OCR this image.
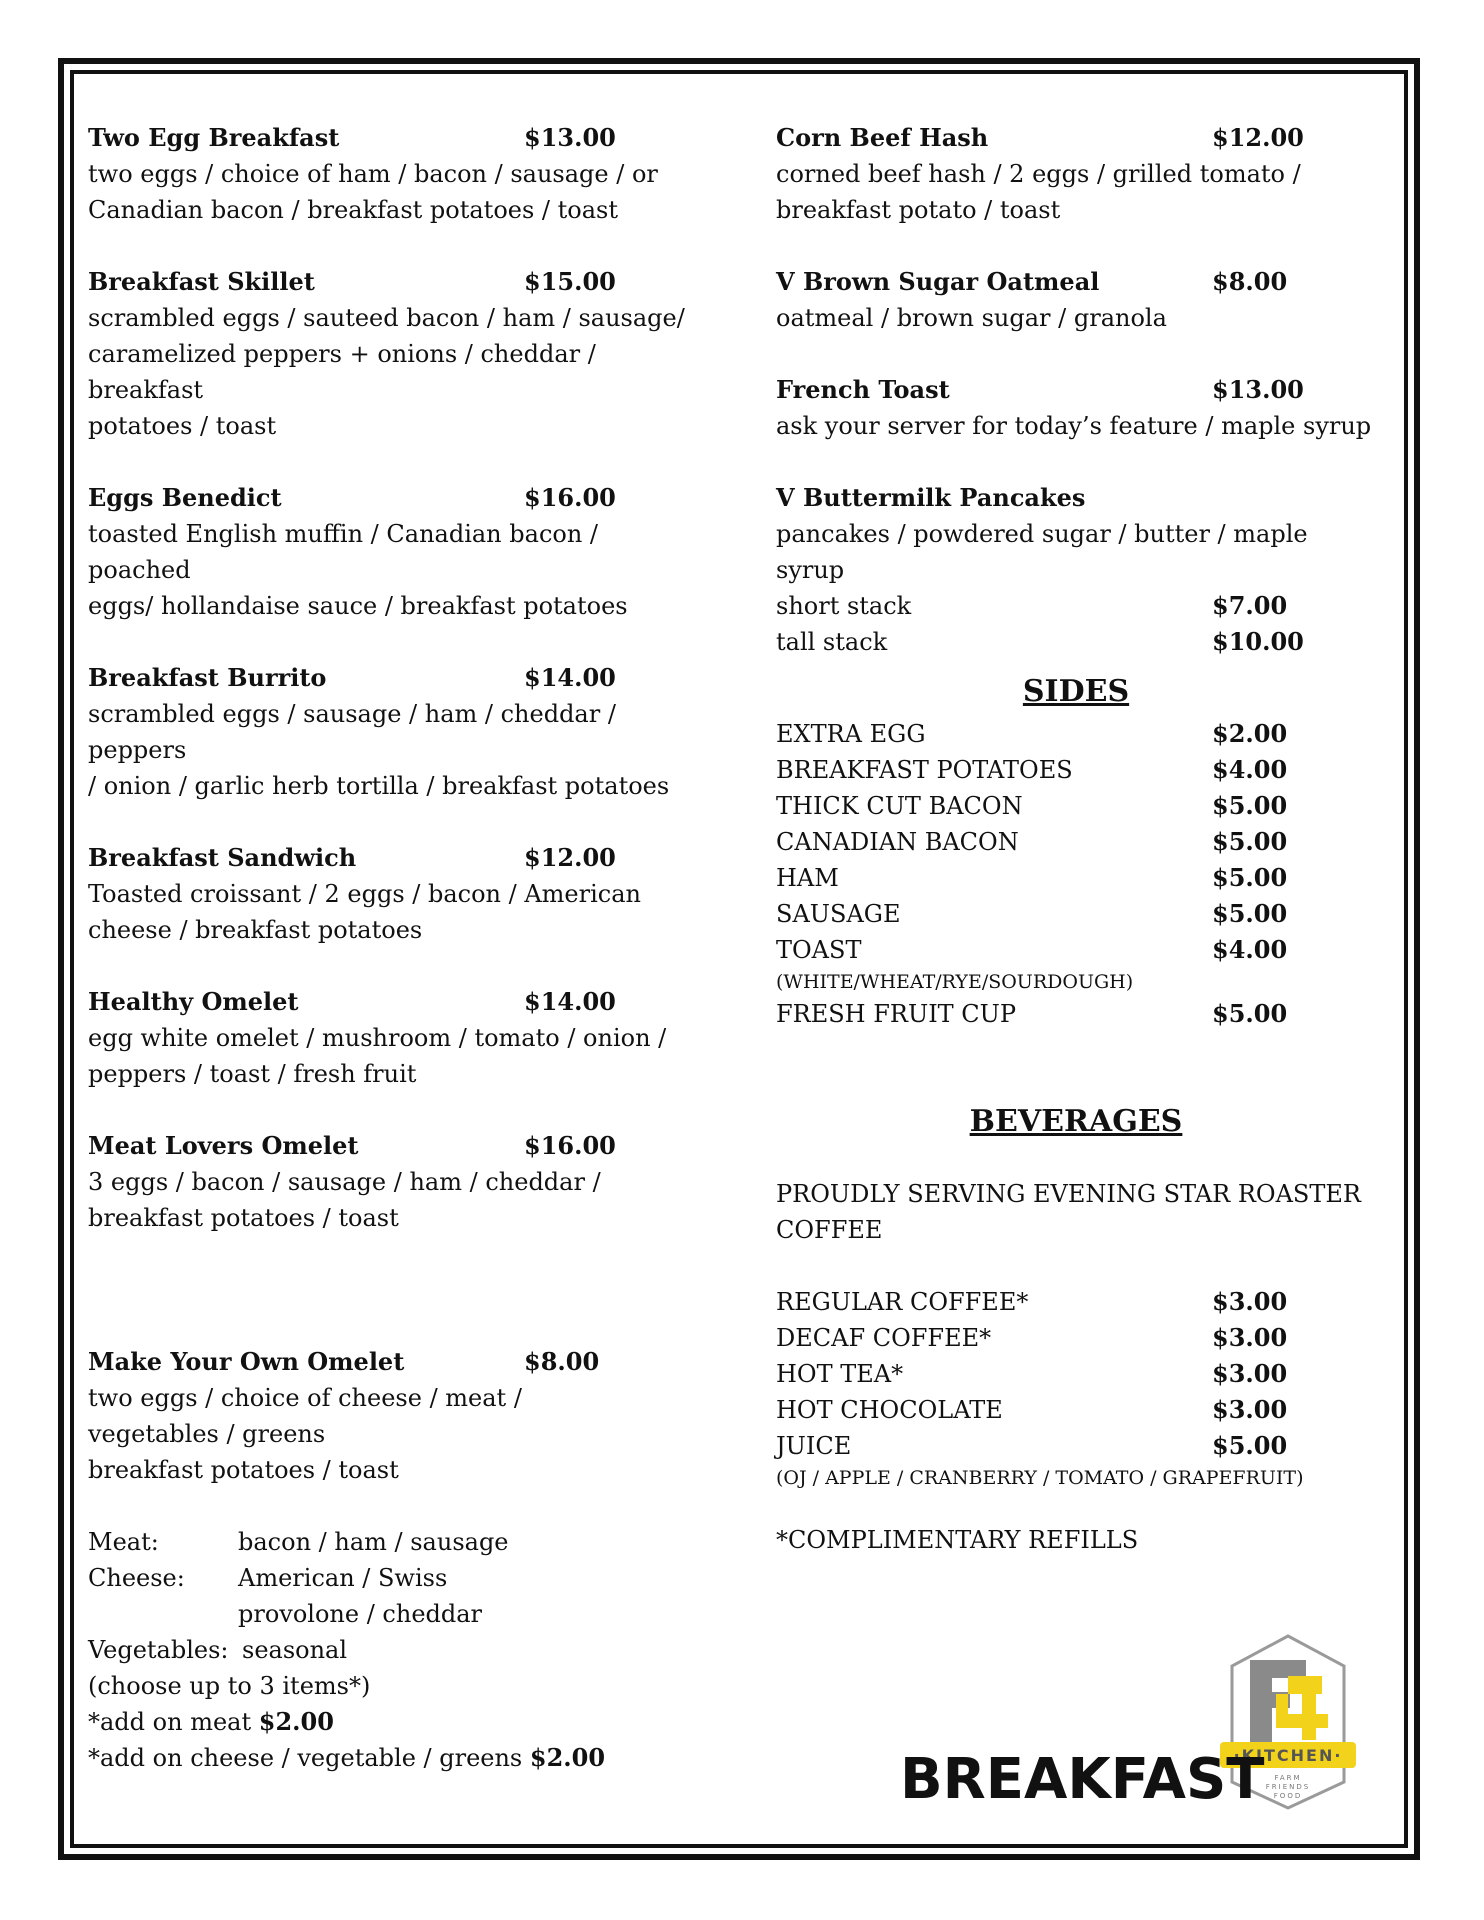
Two Egg Breakfast	$13.00
two eggs / choice of ham / bacon / sausage / or
Canadian bacon / breakfast potatoes / toast
Breakfast Skillet	$15.00
scrambled eggs / sauteed bacon / ham / sausage/
caramelized peppers + onions / cheddar / breakfast
potatoes / toast
Eggs Benedict	$16.00
toasted English muffin / Canadian bacon / poached
eggs/ hollandaise sauce / breakfast potatoes
Breakfast Burrito	$14.00
scrambled eggs / sausage / ham / cheddar / peppers
/ onion / garlic herb tortilla / breakfast potatoes
Breakfast Sandwich	$12.00
Toasted croissant / 2 eggs / bacon / American
cheese / breakfast potatoes
Healthy Omelet	$14.00
egg white omelet / mushroom / tomato / onion /
peppers / toast / fresh fruit
Meat Lovers Omelet	$16.00
3 eggs / bacon / sausage / ham / cheddar /
breakfast potatoes / toast
Make Your Own Omelet	$8.00
two eggs / choice of cheese / meat /
vegetables / greens
breakfast potatoes / toast
Meat:	bacon / ham / sausage
Cheese:	American / Swiss
provolone / cheddar
Vegetables: seasonal
(choose up to 3 items*)
*add on meat $2.00
*add on cheese / vegetable / greens $2.00
Corn Beef Hash	$12.00
corned beef hash / 2 eggs / grilled tomato /
breakfast potato / toast
V Brown Sugar Oatmeal	$8.00
oatmeal / brown sugar / granola
French Toast	$13.00
ask your server for today’s feature / maple syrup
V Buttermilk Pancakes
pancakes / powdered sugar / butter / maple syrup
short stack	$7.00
tall stack	$10.00
SIDES
EXTRA EGG	$2.00
BREAKFAST POTATOES	$4.00
THICK CUT BACON	$5.00
CANADIAN BACON	$5.00
HAM	$5.00
SAUSAGE	$5.00
TOAST	$4.00
(WHITE/WHEAT/RYE/SOURDOUGH)
FRESH FRUIT CUP	$5.00
BEVERAGES
PROUDLY SERVING EVENING STAR ROASTER
COFFEE
REGULAR COFFEE*	$3.00
DECAF COFFEE*	$3.00
HOT TEA*	$3.00
HOT CHOCOLATE	$3.00
JUICE	$5.00
(OJ / APPLE / CRANBERRY / TOMATO / GRAPEFRUIT)
*COMPLIMENTARY REFILLS
·KITCHEN·
FARM
FRIENDS
FOOD
BREAKFAST
